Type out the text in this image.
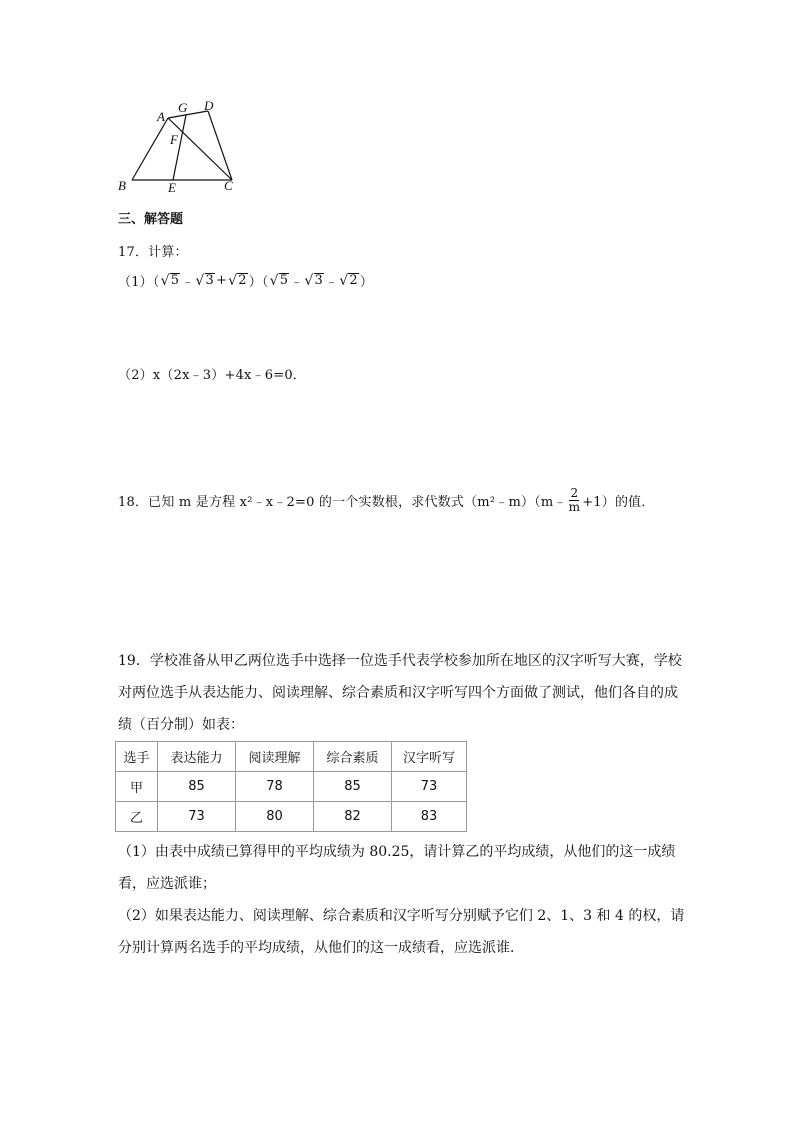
A
G D
F
B	E	C
三、解答题
17．计算：
（1）（ √ 5 ﹣ √ 3 + √ 2 ）（ √ 5 ﹣ √ 3 ﹣ √ 2 ）
（2）x（2x﹣3）+4x﹣6=0．
18．已知 m 是方程 x²﹣x﹣2=0 的一个实数根，求代数式（m²﹣m）（m﹣ $\frac{2}{m} +1$）的值．
19．学校准备从甲乙两位选手中选择一位选手代表学校参加所在地区的汉字听写大赛，学校
对两位选手从表达能力、阅读理解、综合素质和汉字听写四个方面做了测试，他们各自的成
绩（百分制）如表：
选手	表达能力	阅读理解	综合素质	汉字听写
甲	85	78	85	73
乙	73	80	82	83
（1）由表中成绩已算得甲的平均成绩为 80.25，请计算乙的平均成绩，从他们的这一成绩
看，应选派谁；
（2）如果表达能力、阅读理解、综合素质和汉字听写分别赋予它们 2、1、3 和 4 的权，请
分别计算两名选手的平均成绩，从他们的这一成绩看，应选派谁．
